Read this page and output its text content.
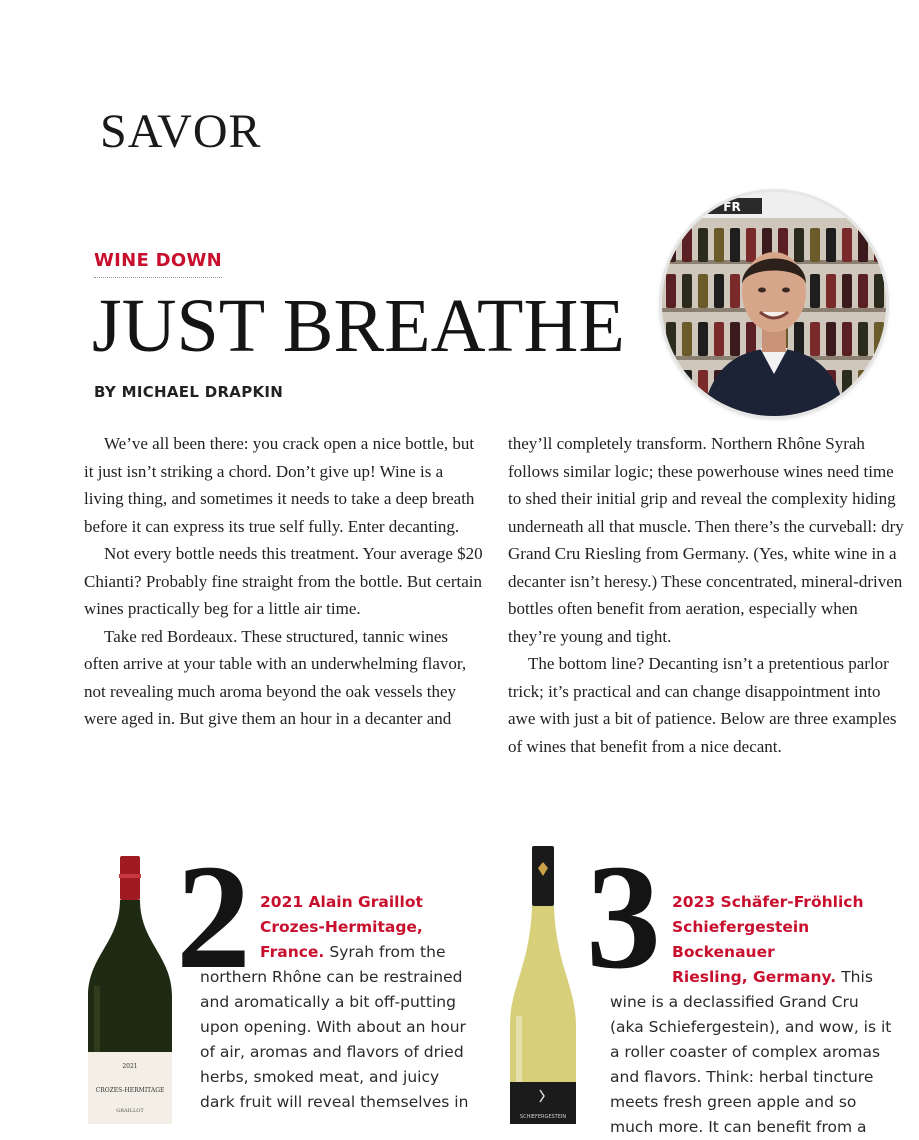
SAVOR
WINE DOWN
JUST BREATHE
BY MICHAEL DRAPKIN
FR

We’ve all been there: you crack open a nice bottle, but it just isn’t striking a chord. Don’t give up! Wine is a living thing, and sometimes it needs to take a deep breath before it can express its true self fully. Enter decanting.

Not every bottle needs this treatment. Your average $20 Chianti? Probably fine straight from the bottle. But certain wines practically beg for a little air time.

Take red Bordeaux. These structured, tannic wines often arrive at your table with an underwhelming flavor, not revealing much aroma beyond the oak vessels they were aged in. But give them an hour in a decanter and

they’ll completely transform. Northern Rhône Syrah follows similar logic; these powerhouse wines need time to shed their initial grip and reveal the complexity hiding underneath all that muscle. Then there’s the curveball: dry Grand Cru Riesling from Germany. (Yes, white wine in a decanter isn’t heresy.) These concentrated, mineral-driven bottles often benefit from aeration, especially when they’re young and tight.

The bottom line? Decanting isn’t a pretentious parlor trick; it’s practical and can change disappointment into awe with just a bit of patience. Below are three examples of wines that benefit from a nice decant.

2021
CROZES-HERMITAGE
GRAILLOT
2 2021 Alain Graillot
Crozes-Hermitage,
France. Syrah from the
northern Rhône can be restrained
and aromatically a bit off-putting
upon opening. With about an hour
of air, aromas and flavors of dried
herbs, smoked meat, and juicy
dark fruit will reveal themselves in
SCHIEFERGESTEIN
3 2023 Schäfer-Fröhlich
Schiefergestein Bockenauer
Riesling, Germany. This
wine is a declassified Grand Cru
(aka Schiefergestein), and wow, is it
a roller coaster of complex aromas
and flavors. Think: herbal tincture
meets fresh green apple and so
much more. It can benefit from a
